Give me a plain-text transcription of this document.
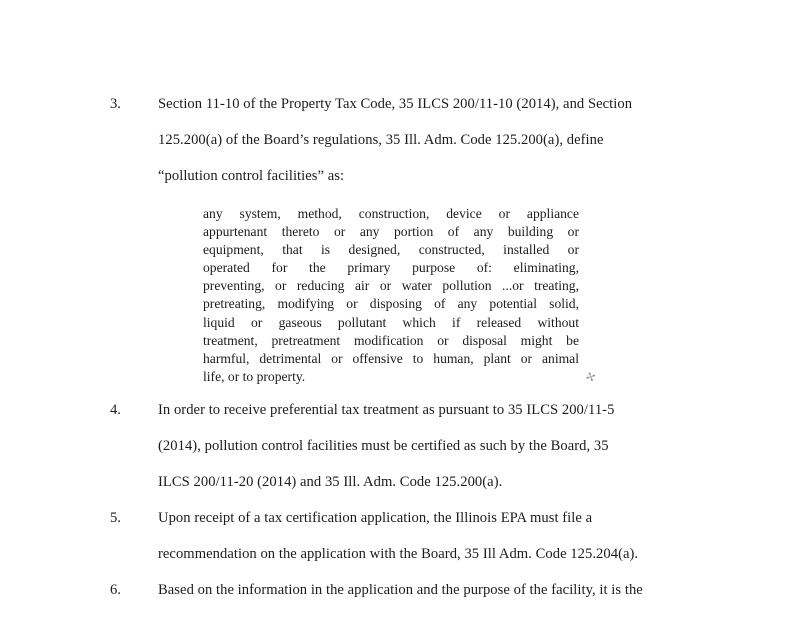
3.	Section 11-10 of the Property Tax Code, 35 ILCS 200/11-10 (2014), and Section
125.200(a) of the Board’s regulations, 35 Ill. Adm. Code 125.200(a), define
“pollution control facilities” as:
any system, method, construction, device or appliance
appurtenant thereto or any portion of any building or
equipment, that is designed, constructed, installed or
operated for the primary purpose of: eliminating,
preventing, or reducing air or water pollution ...or treating,
pretreating, modifying or disposing of any potential solid,
liquid or gaseous pollutant which if released without
treatment, pretreatment modification or disposal might be
harmful, detrimental or offensive to human, plant or animal
life, or to property.	✢
4.	In order to receive preferential tax treatment as pursuant to 35 ILCS 200/11-5
(2014), pollution control facilities must be certified as such by the Board, 35
ILCS 200/11-20 (2014) and 35 Ill. Adm. Code 125.200(a).
5.	Upon receipt of a tax certification application, the Illinois EPA must file a
recommendation on the application with the Board, 35 Ill Adm. Code 125.204(a).
6.	Based on the information in the application and the purpose of the facility, it is the
